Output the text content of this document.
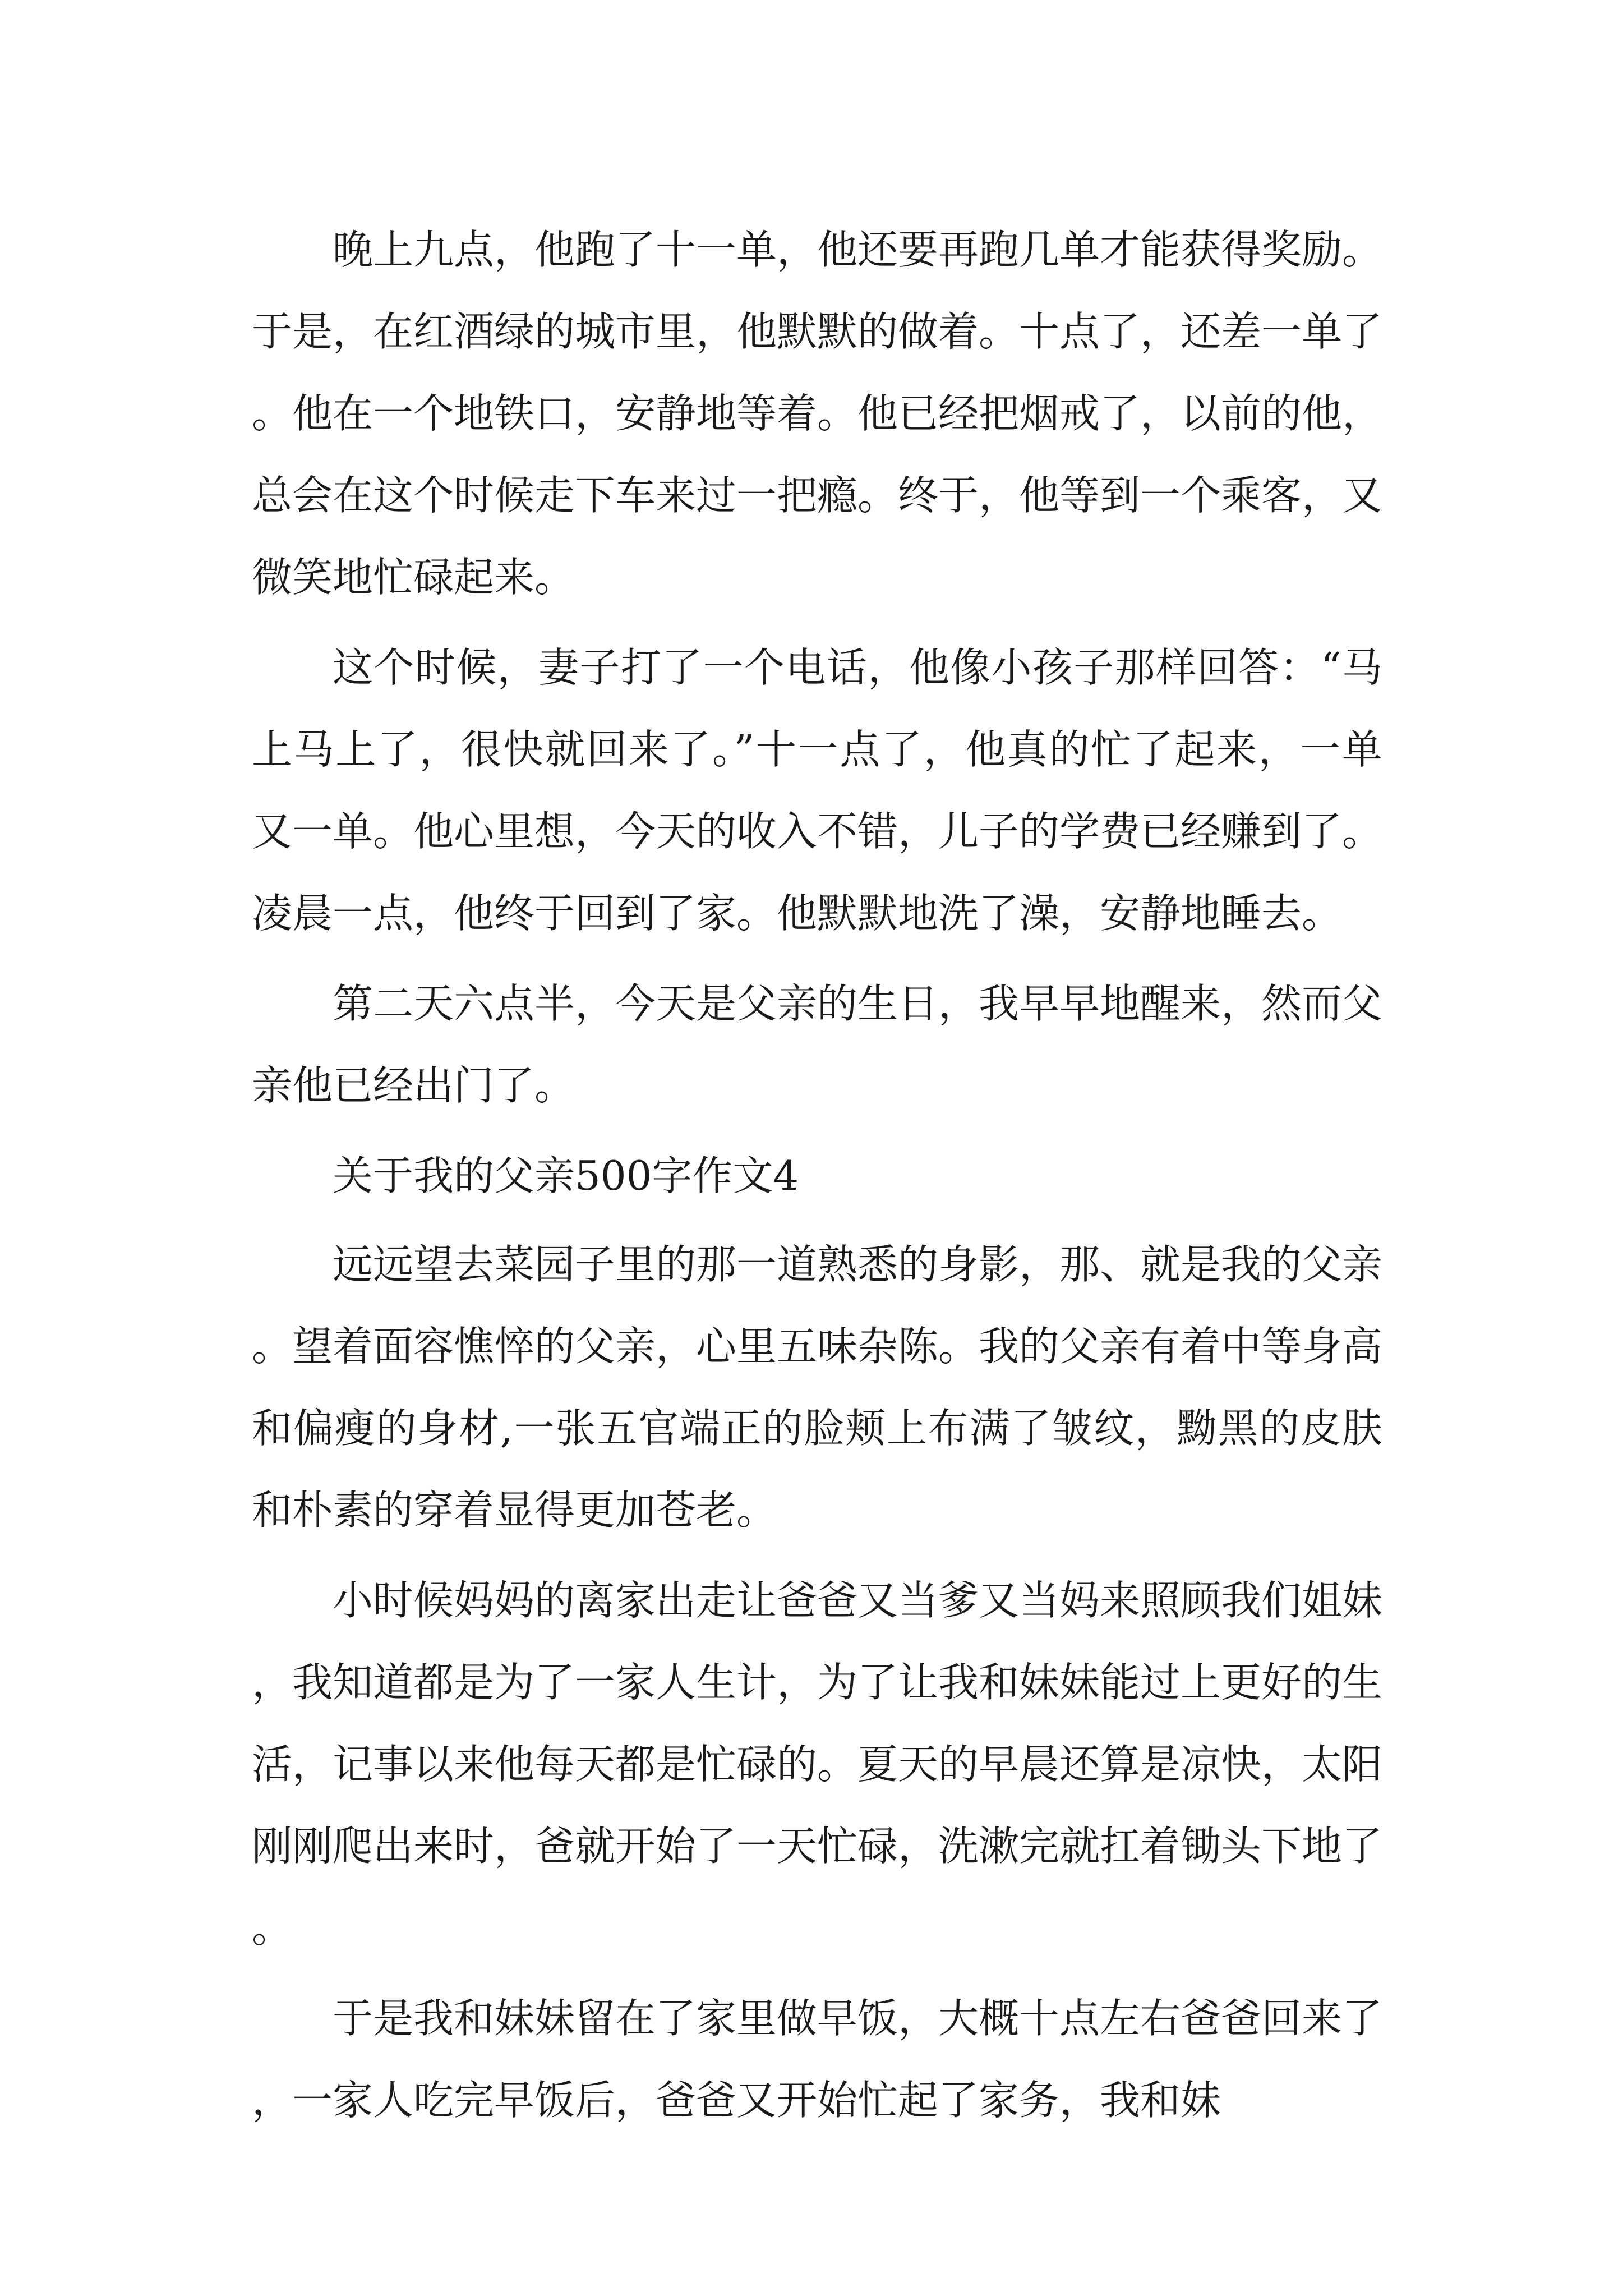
晚上九点，他跑了十一单，他还要再跑几单才能获得奖励。于是，在红酒绿的城市里，他默默的做着。十点了，还差一单了。他在一个地铁口，安静地等着。他已经把烟戒了，以前的他，总会在这个时候走下车来过一把瘾。终于，他等到一个乘客，又微笑地忙碌起来。

这个时候，妻子打了一个电话，他像小孩子那样回答：“马上马上了，很快就回来了。”十一点了，他真的忙了起来，一单又一单。他心里想，今天的收入不错，儿子的学费已经赚到了。凌晨一点，他终于回到了家。他默默地洗了澡，安静地睡去。

第二天六点半，今天是父亲的生日，我早早地醒来，然而父亲他已经出门了。

关于我的父亲500字作文4

远远望去菜园子里的那一道熟悉的身影，那、就是我的父亲。望着面容憔悴的父亲，心里五味杂陈。我的父亲有着中等身高和偏瘦的身材,一张五官端正的脸颊上布满了皱纹，黝黑的皮肤和朴素的穿着显得更加苍老。

小时候妈妈的离家出走让爸爸又当爹又当妈来照顾我们姐妹，我知道都是为了一家人生计，为了让我和妹妹能过上更好的生活，记事以来他每天都是忙碌的。夏天的早晨还算是凉快，太阳刚刚爬出来时，爸就开始了一天忙碌，洗漱完就扛着锄头下地了。

于是我和妹妹留在了家里做早饭，大概十点左右爸爸回来了，一家人吃完早饭后，爸爸又开始忙起了家务，我和妹
